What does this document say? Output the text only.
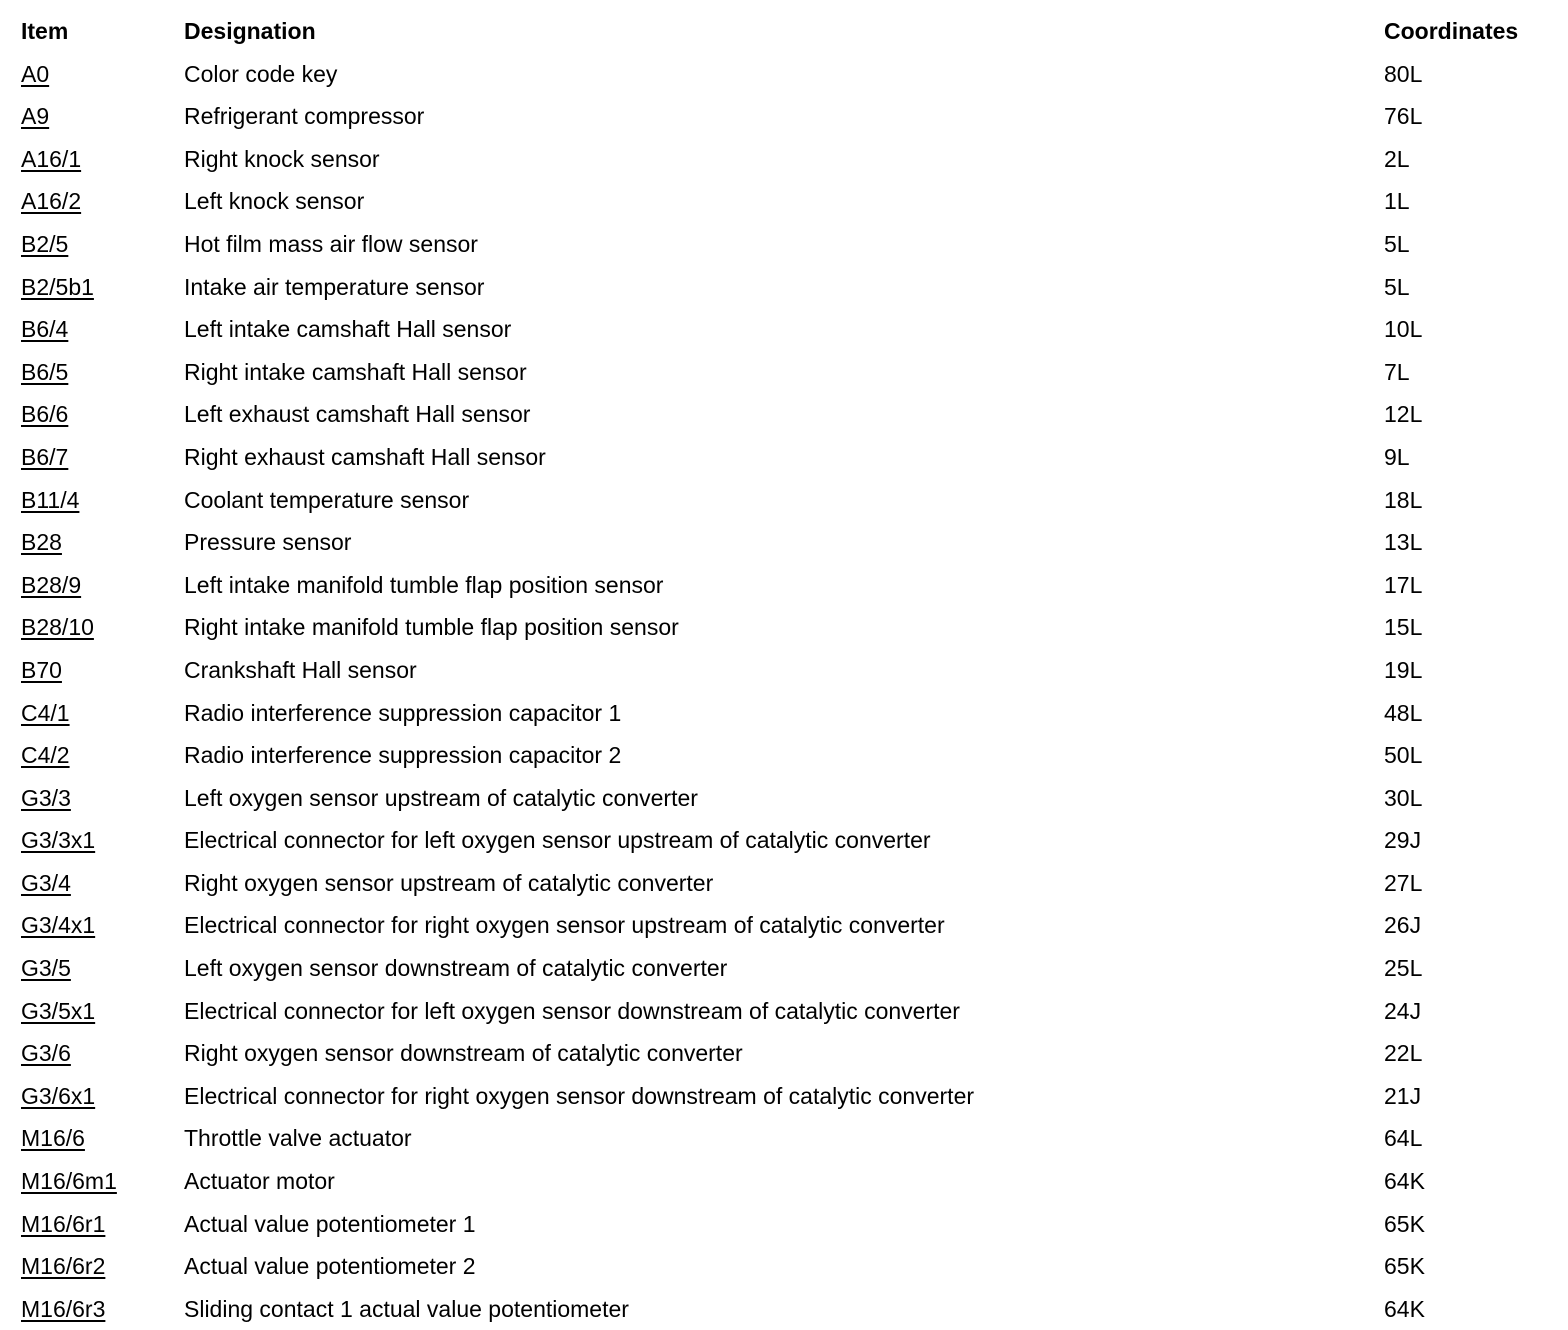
Item	Designation	Coordinates
A0	Color code key	80L
A9	Refrigerant compressor	76L
A16/1	Right knock sensor	2L
A16/2	Left knock sensor	1L
B2/5	Hot film mass air flow sensor	5L
B2/5b1	Intake air temperature sensor	5L
B6/4	Left intake camshaft Hall sensor	10L
B6/5	Right intake camshaft Hall sensor	7L
B6/6	Left exhaust camshaft Hall sensor	12L
B6/7	Right exhaust camshaft Hall sensor	9L
B11/4	Coolant temperature sensor	18L
B28	Pressure sensor	13L
B28/9	Left intake manifold tumble flap position sensor	17L
B28/10	Right intake manifold tumble flap position sensor	15L
B70	Crankshaft Hall sensor	19L
C4/1	Radio interference suppression capacitor 1	48L
C4/2	Radio interference suppression capacitor 2	50L
G3/3	Left oxygen sensor upstream of catalytic converter	30L
G3/3x1	Electrical connector for left oxygen sensor upstream of catalytic converter	29J
G3/4	Right oxygen sensor upstream of catalytic converter	27L
G3/4x1	Electrical connector for right oxygen sensor upstream of catalytic converter	26J
G3/5	Left oxygen sensor downstream of catalytic converter	25L
G3/5x1	Electrical connector for left oxygen sensor downstream of catalytic converter	24J
G3/6	Right oxygen sensor downstream of catalytic converter	22L
G3/6x1	Electrical connector for right oxygen sensor downstream of catalytic converter	21J
M16/6	Throttle valve actuator	64L
M16/6m1	Actuator motor	64K
M16/6r1	Actual value potentiometer 1	65K
M16/6r2	Actual value potentiometer 2	65K
M16/6r3	Sliding contact 1 actual value potentiometer	64K
